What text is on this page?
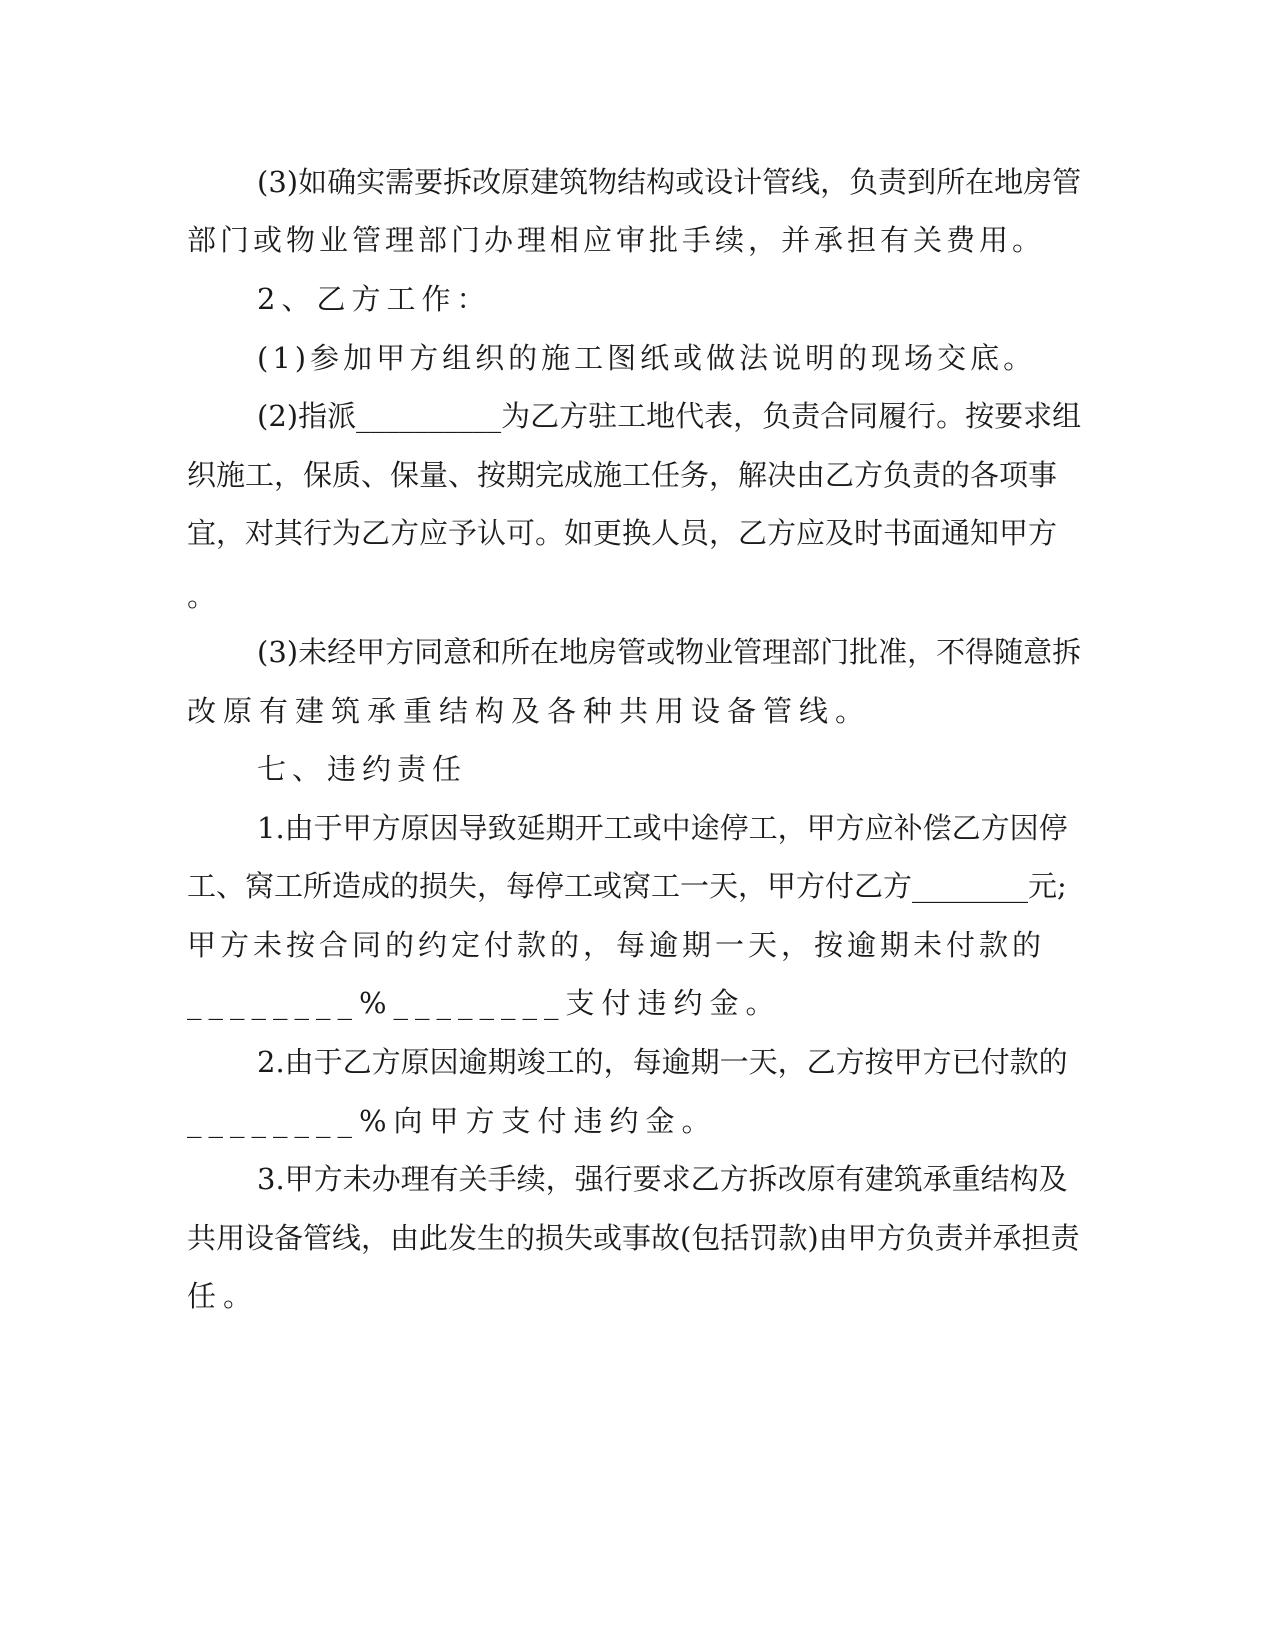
(3)如确实需要拆改原建筑物结构或设计管线，负责到所在地房管
部门或物业管理部门办理相应审批手续，并承担有关费用。
2、乙方工作：
(1)参加甲方组织的施工图纸或做法说明的现场交底。
(2)指派__________为乙方驻工地代表，负责合同履行。按要求组
织施工，保质、保量、按期完成施工任务，解决由乙方负责的各项事
宜，对其行为乙方应予认可。如更换人员，乙方应及时书面通知甲方
。
(3)未经甲方同意和所在地房管或物业管理部门批准，不得随意拆
改原有建筑承重结构及各种共用设备管线。
七、违约责任
1.由于甲方原因导致延期开工或中途停工，甲方应补偿乙方因停
工、窝工所造成的损失，每停工或窝工一天，甲方付乙方________元;
甲方未按合同的约定付款的，每逾期一天，按逾期未付款的
________%________支付违约金。
2.由于乙方原因逾期竣工的，每逾期一天，乙方按甲方已付款的
________%向甲方支付违约金。
3.甲方未办理有关手续，强行要求乙方拆改原有建筑承重结构及
共用设备管线，由此发生的损失或事故(包括罚款)由甲方负责并承担责
任。
